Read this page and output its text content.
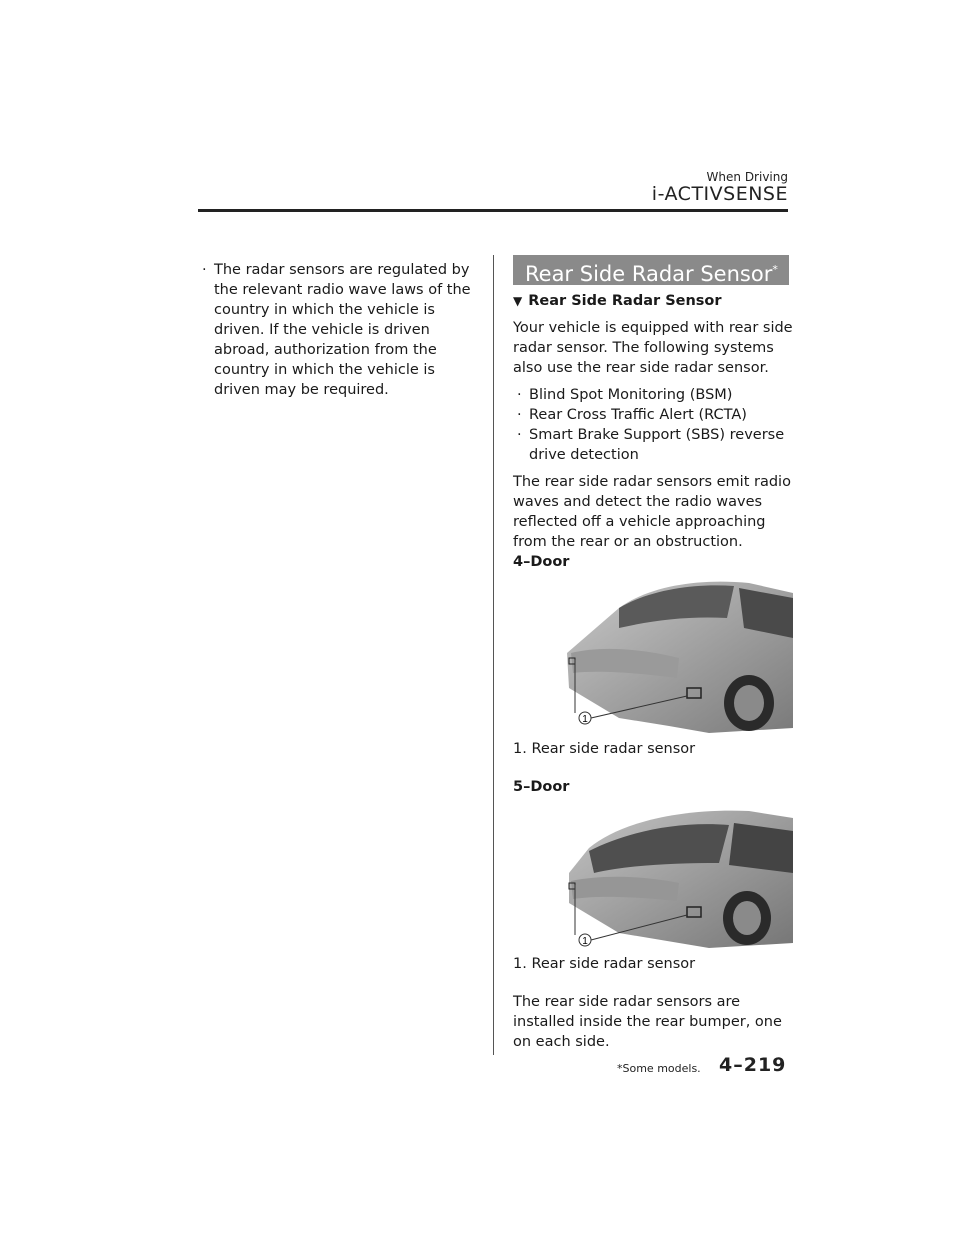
When Driving
i-ACTIVSENSE
· The radar sensors are regulated by the relevant radio wave laws of the country in which the vehicle is driven. If the vehicle is driven abroad, authorization from the country in which the vehicle is driven may be required.
Rear Side Radar Sensor*
▼ Rear Side Radar Sensor

Your vehicle is equipped with rear side radar sensor. The following systems also use the rear side radar sensor.

· Blind Spot Monitoring (BSM)
· Rear Cross Traffic Alert (RCTA)
· Smart Brake Support (SBS) reverse drive detection

The rear side radar sensors emit radio waves and detect the radio waves reflected off a vehicle approaching from the rear or an obstruction.

4–Door
1
1. Rear side radar sensor
5–Door
1
1. Rear side radar sensor

The rear side radar sensors are installed inside the rear bumper, one on each side.

*Some models. 4–219
